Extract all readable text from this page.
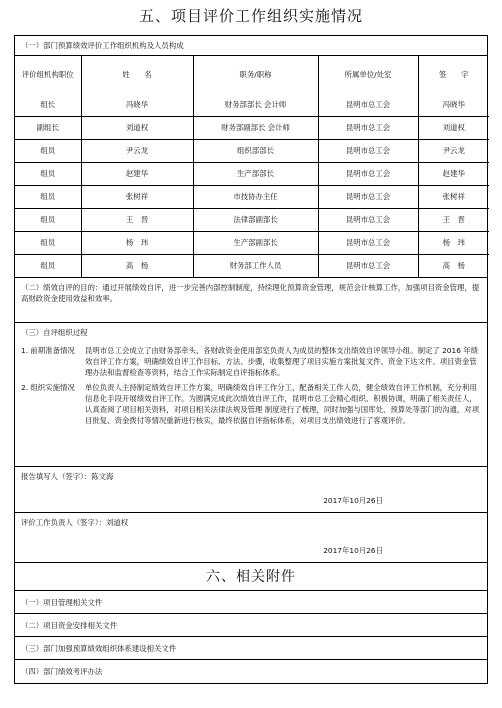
五、项目评价工作组织实施情况
（一）部门预算绩效评价工作组织机构及人员构成
评价组机构职位	姓　　名	职务/职称	所属单位/处室	签　　字
组长	冯晓华	财务部部长 会计师	昆明市总工会	冯晓华
副组长	刘道权	财务部副部长 会计师	昆明市总工会	刘道权
组员	尹云龙	组织部部长	昆明市总工会	尹云龙
组员	赵建华	生产部部长	昆明市总工会	赵建华
组员	张树祥	市技协办主任	昆明市总工会	张树祥
组员	王　晋	法律部副部长	昆明市总工会	王　晋
组员	杨　玮	生产部副部长	昆明市总工会	杨　玮
组员	高　杨	财务部工作人员	昆明市总工会	高　杨
（二）绩效自评的目的：通过开展绩效自评，进一步完善内部控制制度，持续理化预算资金管理，规范会计核算工作，加强项目资金管理，提高财政资金使用效益和效率。
（三）自评组织过程
1. 前期准备情况	昆明市总工会成立了由财务部牵头、各财政资金使用部室负责人为成员的整体支出绩效自评领导小组。制定了 2016 年绩效自评工作方案，明确绩效自评工作目标、方法、步骤，收集整理了项目实施方案批复文件、资金下达文件、项目资金管理办法和监督检查等资料，结合工作实际制定自评指标体系。
2. 组织实施情况	单位负责人主持制定绩效自评工作方案，明确绩效自评工作分工，配备相关工作人员，健全绩效自评工作机制，充分利用信息化手段开展绩效自评工作。为圆满完成此次绩效自评工作，昆明市总工会精心组织、积极协调，明确了相关责任人，认真查阅了项目相关资料，对项目相关法律法规及管理 制度进行了梳理，同时加强与国库处、预算处等部门的沟通，对项目批复、资金拨付等情况重新进行核实，最终依据自评指标体系，对项目支出绩效进行了客观评价。
报告填写人（签字）：陈文海
2017年10月26日
评价工作负责人（签字）：刘道权
2017年10月26日
六、相关附件
（一）项目管理相关文件
（二）项目资金安排相关文件
（三）部门加强预算绩效组织体系建设相关文件
（四）部门绩效考评办法
